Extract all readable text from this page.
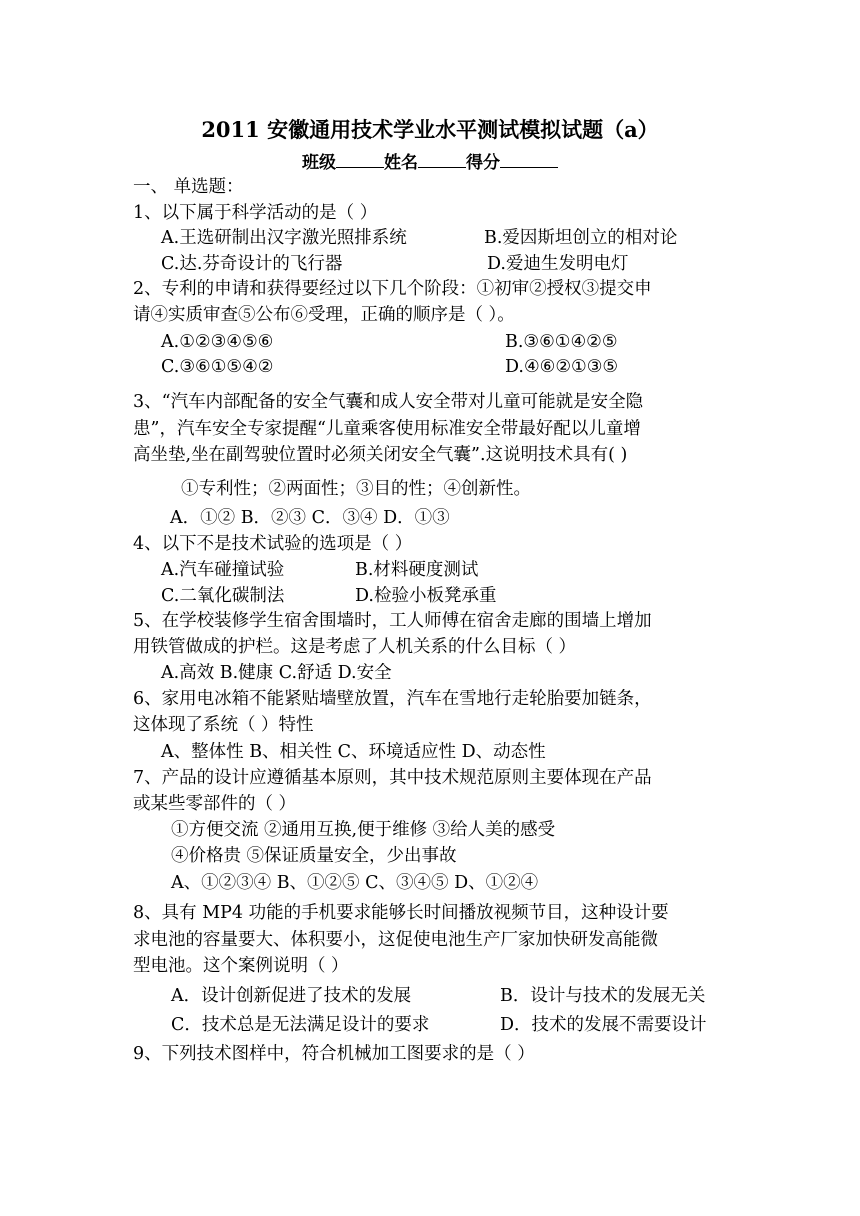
2011 安徽通用技术学业水平测试模拟试题（a）
班级	姓名	得分
一、 单选题：
1、以下属于科学活动的是（ ）
A.王选研制出汉字激光照排系统	B.爱因斯坦创立的相对论
C.达.芬奇设计的飞行器	D.爱迪生发明电灯
2、专利的申请和获得要经过以下几个阶段：①初审②授权③提交申
请④实质审查⑤公布⑥受理，正确的顺序是（ ）。
A.①②③④⑤⑥	B.③⑥①④②⑤
C.③⑥①⑤④②	D.④⑥②①③⑤
3、“汽车内部配备的安全气囊和成人安全带对儿童可能就是安全隐
患”，汽车安全专家提醒“儿童乘客使用标准安全带最好配以儿童增
高坐垫,坐在副驾驶位置时必须关闭安全气囊”.这说明技术具有( )
①专利性；②两面性；③目的性；④创新性。
A．①② B．②③ C．③④ D．①③
4、以下不是技术试验的选项是（ ）
A.汽车碰撞试验	B.材料硬度测试
C.二氧化碳制法	D.检验小板凳承重
5、在学校装修学生宿舍围墙时，工人师傅在宿舍走廊的围墙上增加
用铁管做成的护栏。这是考虑了人机关系的什么目标（ ）
A.高效 B.健康 C.舒适 D.安全
6、家用电冰箱不能紧贴墙壁放置，汽车在雪地行走轮胎要加链条，
这体现了系统（ ）特性
A、整体性 B、相关性 C、环境适应性 D、动态性
7、产品的设计应遵循基本原则，其中技术规范原则主要体现在产品
或某些零部件的（ ）
①方便交流 ②通用互换,便于维修 ③给人美的感受
④价格贵 ⑤保证质量安全，少出事故
A、①②③④ B、①②⑤ C、③④⑤ D、①②④
8、具有 MP4 功能的手机要求能够长时间播放视频节目，这种设计要
求电池的容量要大、体积要小，这促使电池生产厂家加快研发高能微
型电池。这个案例说明（ ）
A．设计创新促进了技术的发展	B．设计与技术的发展无关
C．技术总是无法满足设计的要求	D．技术的发展不需要设计
9、下列技术图样中，符合机械加工图要求的是（ ）
